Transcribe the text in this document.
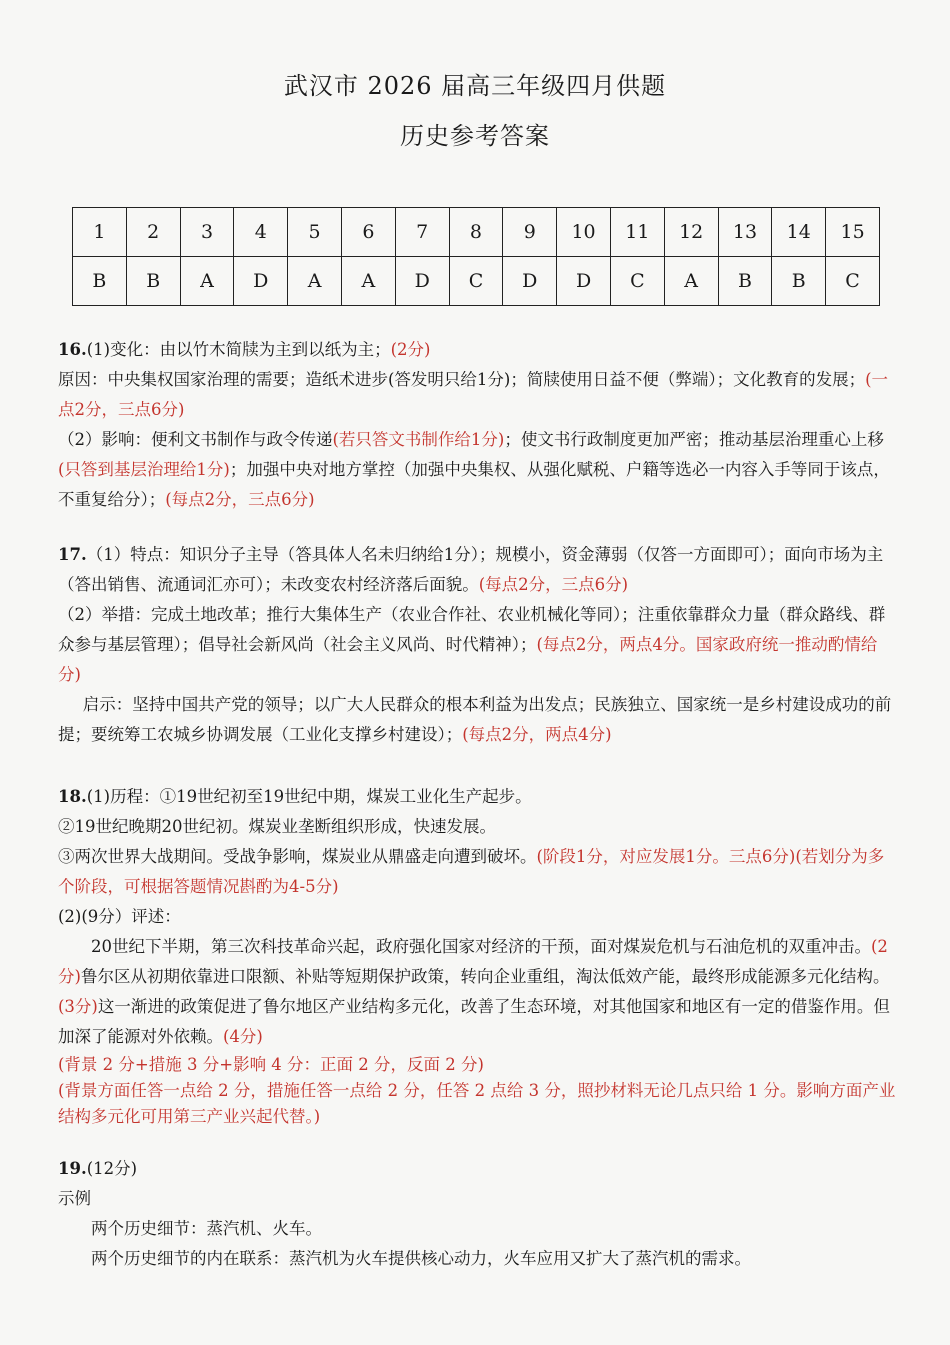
武汉市 2026 届高三年级四月供题
历史参考答案
1	2	3	4	5	6	7	8	9	10	11	12	13	14	15
B	B	A	D	A	A	D	C	D	D	C	A	B	B	C

16.(1)变化：由以竹木简牍为主到以纸为主；(2分)

原因：中央集权国家治理的需要；造纸术进步(答发明只给1分)；简牍使用日益不便（弊端）；文化教育的发展；(一点2分，三点6分)

（2）影响：便利文书制作与政令传递(若只答文书制作给1分)；使文书行政制度更加严密；推动基层治理重心上移(只答到基层治理给1分)；加强中央对地方掌控（加强中央集权、从强化赋税、户籍等选必一内容入手等同于该点，不重复给分）；(每点2分，三点6分)

17.（1）特点：知识分子主导（答具体人名未归纳给1分）；规模小，资金薄弱（仅答一方面即可）；面向市场为主（答出销售、流通词汇亦可）；未改变农村经济落后面貌。(每点2分，三点6分)

（2）举措：完成土地改革；推行大集体生产（农业合作社、农业机械化等同）；注重依靠群众力量（群众路线、群众参与基层管理）；倡导社会新风尚（社会主义风尚、时代精神）；(每点2分，两点4分。国家政府统一推动酌情给分)

启示：坚持中国共产党的领导；以广大人民群众的根本利益为出发点；民族独立、国家统一是乡村建设成功的前提；要统筹工农城乡协调发展（工业化支撑乡村建设）；(每点2分，两点4分)

18.(1)历程：①19世纪初至19世纪中期，煤炭工业化生产起步。

②19世纪晚期20世纪初。煤炭业垄断组织形成，快速发展。

③两次世界大战期间。受战争影响，煤炭业从鼎盛走向遭到破坏。(阶段1分，对应发展1分。三点6分)(若划分为多个阶段，可根据答题情况斟酌为4-5分)

(2)(9分）评述：

20世纪下半期，第三次科技革命兴起，政府强化国家对经济的干预，面对煤炭危机与石油危机的双重冲击。(2分)鲁尔区从初期依靠进口限额、补贴等短期保护政策，转向企业重组，淘汰低效产能，最终形成能源多元化结构。(3分)这一渐进的政策促进了鲁尔地区产业结构多元化，改善了生态环境，对其他国家和地区有一定的借鉴作用。但加深了能源对外依赖。(4分)

(背景 2 分+措施 3 分+影响 4 分：正面 2 分，反面 2 分)

(背景方面任答一点给 2 分，措施任答一点给 2 分，任答 2 点给 3 分，照抄材料无论几点只给 1 分。影响方面产业结构多元化可用第三产业兴起代替。)

19.(12分)

示例

两个历史细节：蒸汽机、火车。

两个历史细节的内在联系：蒸汽机为火车提供核心动力，火车应用又扩大了蒸汽机的需求。
